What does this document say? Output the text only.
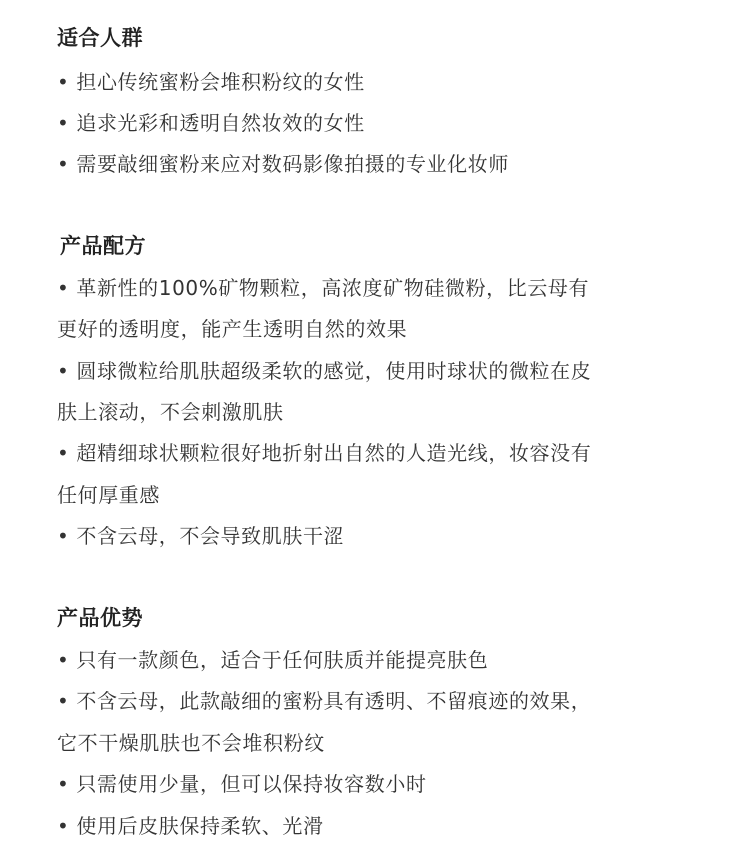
适合人群
• 担心传统蜜粉会堆积粉纹的女性
• 追求光彩和透明自然妆效的女性
• 需要敲细蜜粉来应对数码影像拍摄的专业化妆师
产品配方
• 革新性的100%矿物颗粒，高浓度矿物硅微粉，比云母有
更好的透明度，能产生透明自然的效果
• 圆球微粒给肌肤超级柔软的感觉，使用时球状的微粒在皮
肤上滚动，不会刺激肌肤
• 超精细球状颗粒很好地折射出自然的人造光线，妆容没有
任何厚重感
• 不含云母，不会导致肌肤干涩
产品优势
• 只有一款颜色，适合于任何肤质并能提亮肤色
• 不含云母，此款敲细的蜜粉具有透明、不留痕迹的效果，
它不干燥肌肤也不会堆积粉纹
• 只需使用少量，但可以保持妆容数小时
• 使用后皮肤保持柔软、光滑
